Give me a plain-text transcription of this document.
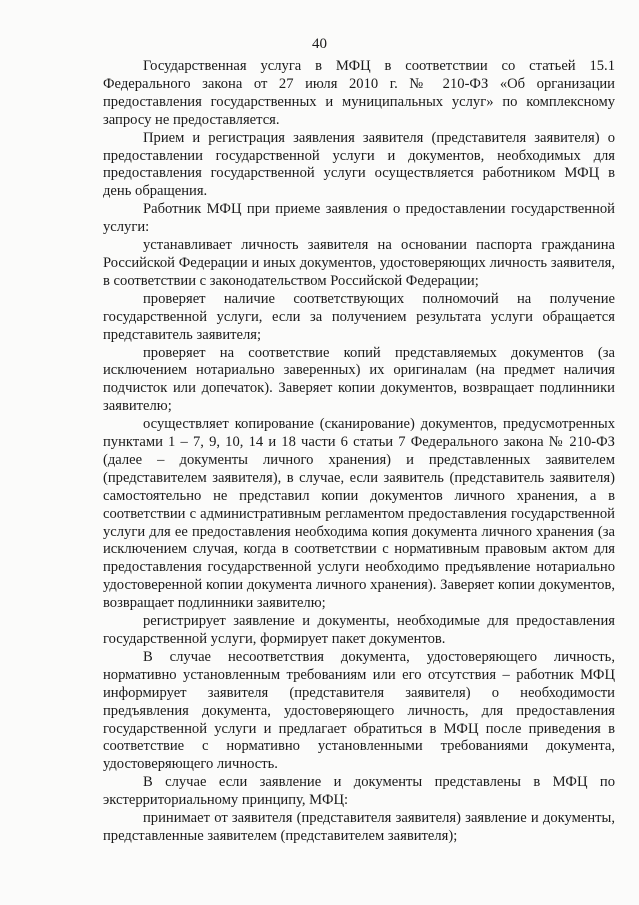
40

Государственная услуга в МФЦ в соответствии со статьей 15.1 Федерального закона от 27 июля 2010 г. № 210-ФЗ «Об организации предоставления государственных и муниципальных услуг» по комплексному запросу не предоставляется.

Прием и регистрация заявления заявителя (представителя заявителя) о предоставлении государственной услуги и документов, необходимых для предоставления государственной услуги осуществляется работником МФЦ в день обращения.

Работник МФЦ при приеме заявления о предоставлении государственной услуги:

устанавливает личность заявителя на основании паспорта гражданина Российской Федерации и иных документов, удостоверяющих личность заявителя, в соответствии с законодательством Российской Федерации;

проверяет наличие соответствующих полномочий на получение государственной услуги, если за получением результата услуги обращается представитель заявителя;

проверяет на соответствие копий представляемых документов (за исключением нотариально заверенных) их оригиналам (на предмет наличия подчисток или допечаток). Заверяет копии документов, возвращает подлинники заявителю;

осуществляет копирование (сканирование) документов, предусмотренных пунктами 1 – 7, 9, 10, 14 и 18 части 6 статьи 7 Федерального закона № 210-ФЗ (далее – документы личного хранения) и представленных заявителем (представителем заявителя), в случае, если заявитель (представитель заявителя) самостоятельно не представил копии документов личного хранения, а в соответствии с административным регламентом предоставления государственной услуги для ее предоставления необходима копия документа личного хранения (за исключением случая, когда в соответствии с нормативным правовым актом для предоставления государственной услуги необходимо предъявление нотариально удостоверенной копии документа личного хранения). Заверяет копии документов, возвращает подлинники заявителю;

регистрирует заявление и документы, необходимые для предоставления государственной услуги, формирует пакет документов.

В случае несоответствия документа, удостоверяющего личность, нормативно установленным требованиям или его отсутствия – работник МФЦ информирует заявителя (представителя заявителя) о необходимости предъявления документа, удостоверяющего личность, для предоставления государственной услуги и предлагает обратиться в МФЦ после приведения в соответствие с нормативно установленными требованиями документа, удостоверяющего личность.

В случае если заявление и документы представлены в МФЦ по экстерриториальному принципу, МФЦ:

принимает от заявителя (представителя заявителя) заявление и документы, представленные заявителем (представителем заявителя);
